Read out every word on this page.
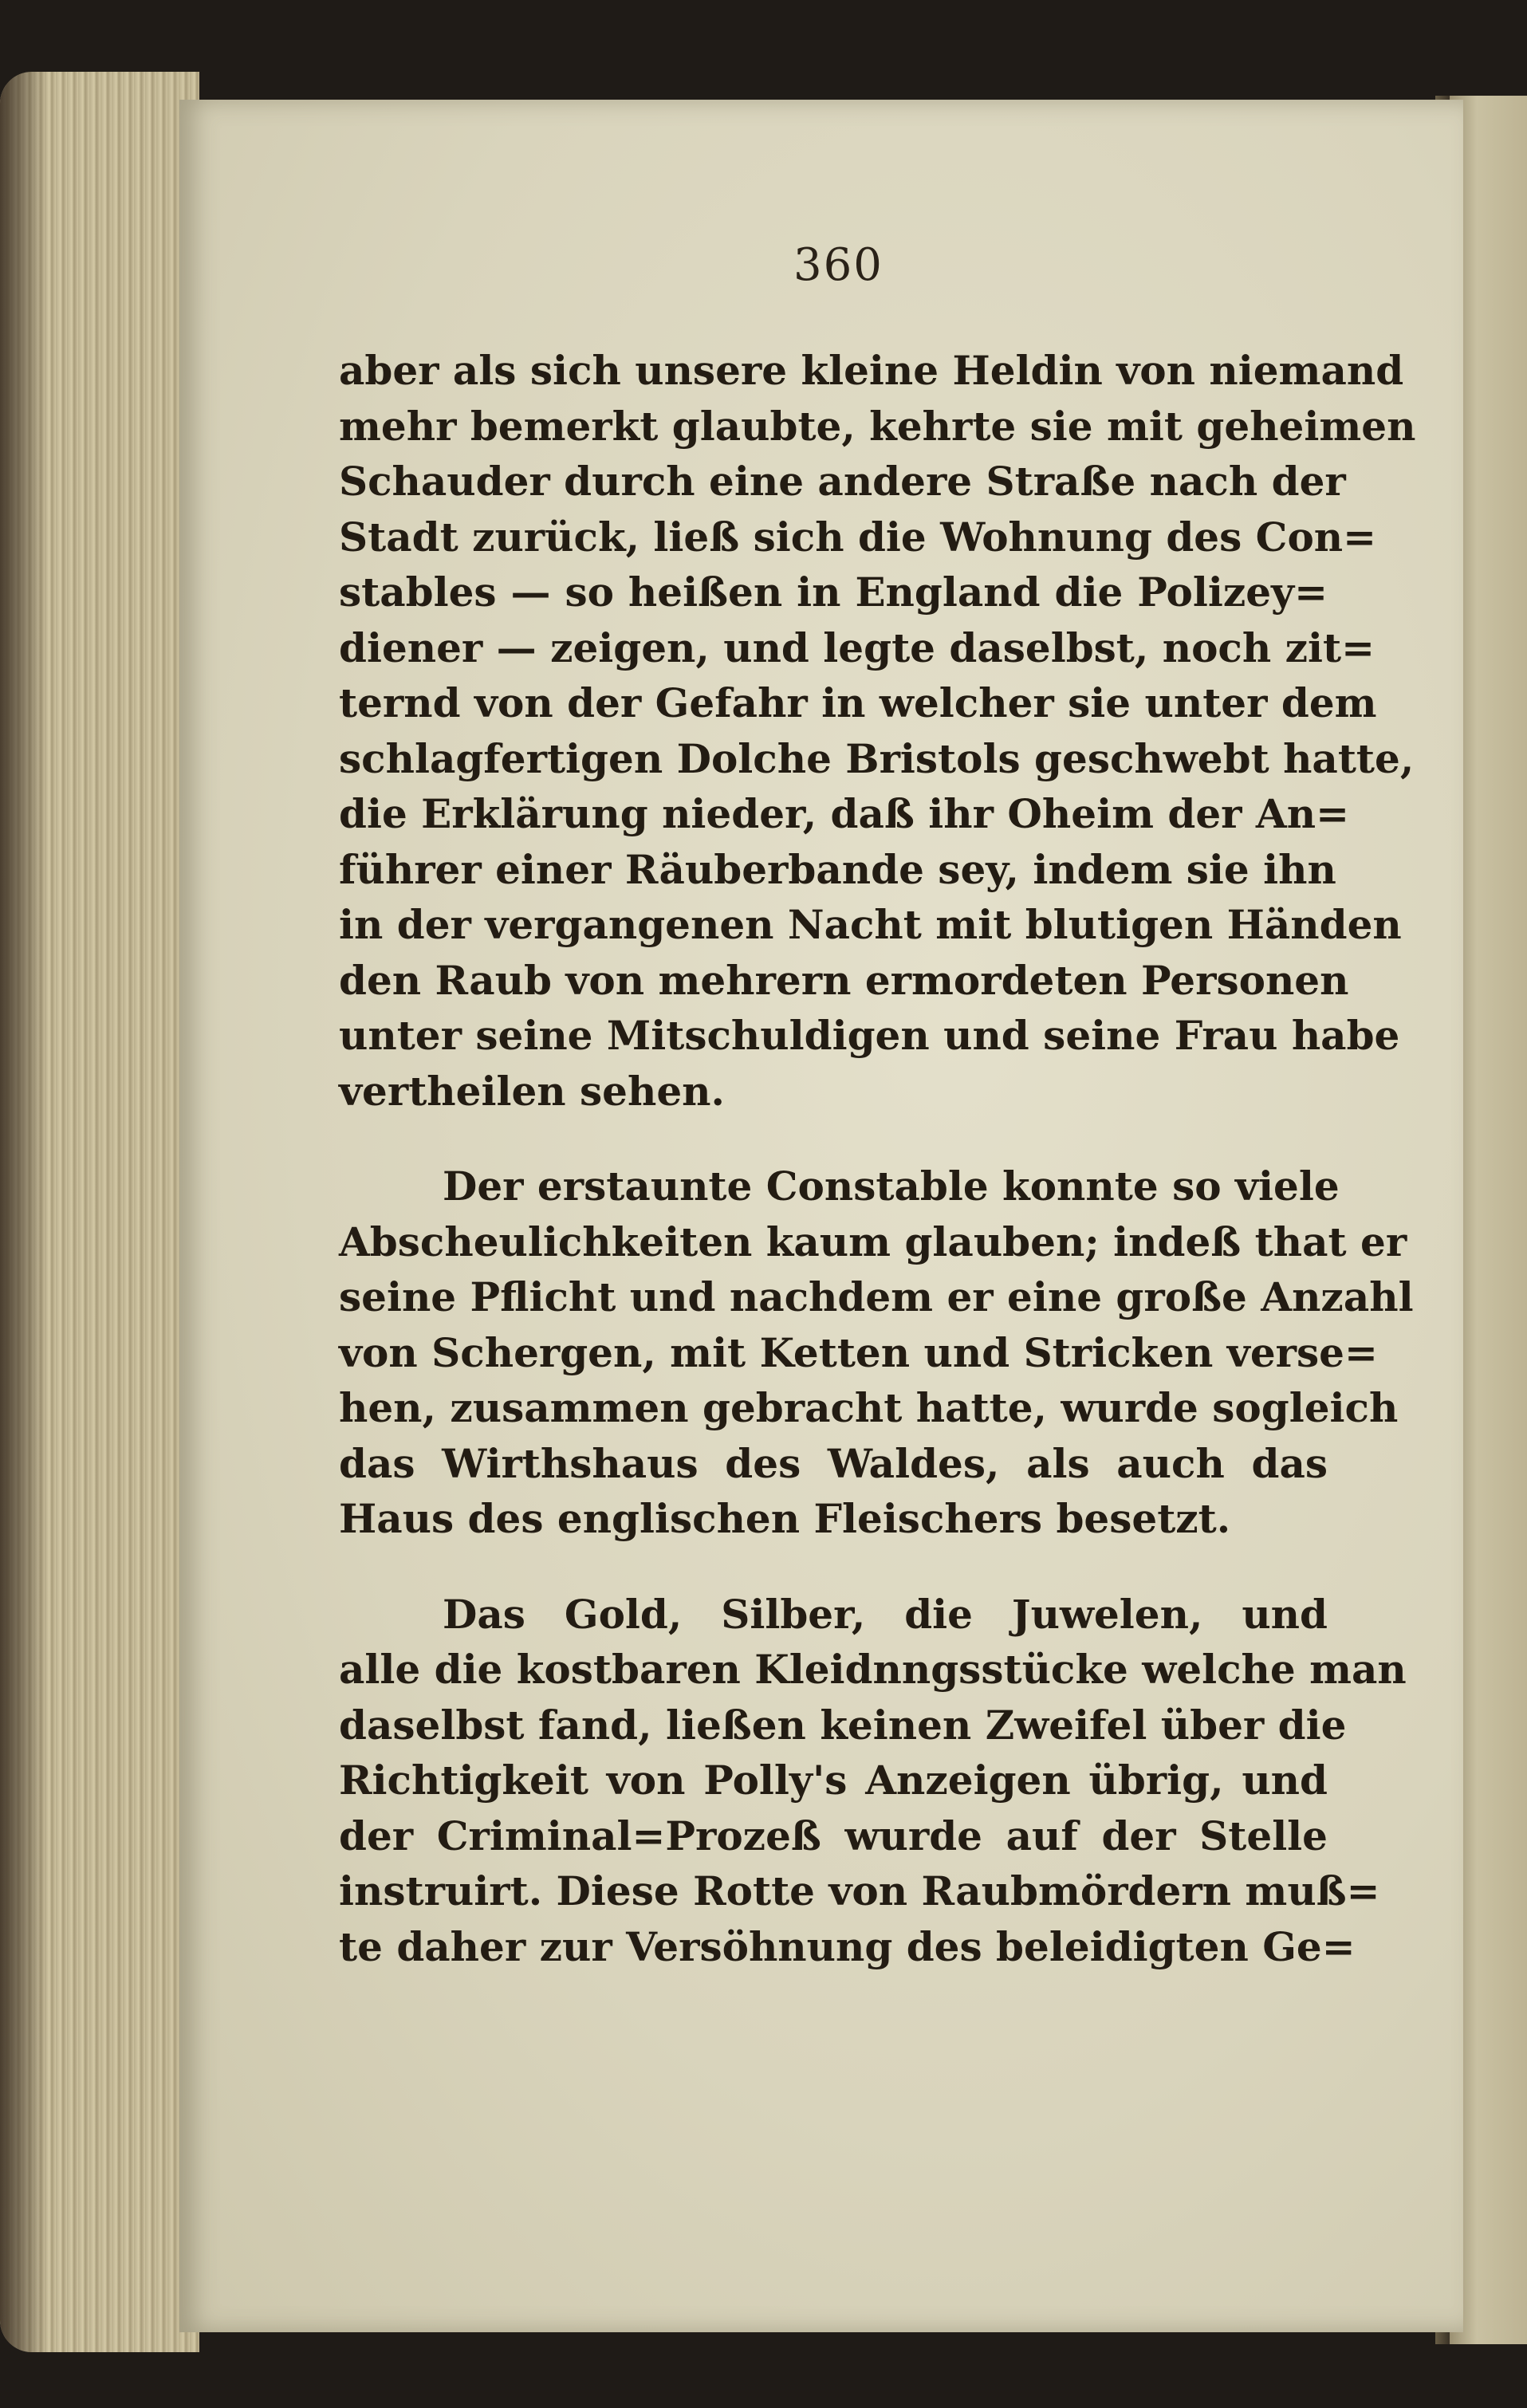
360
aber als sich unsere kleine Heldin von niemand
mehr bemerkt glaubte, kehrte sie mit geheimen
Schauder durch eine andere Straße nach der
Stadt zurück, ließ sich die Wohnung des Con=
stables — so heißen in England die Polizey=
diener — zeigen, und legte daselbst, noch zit=
ternd von der Gefahr in welcher sie unter dem
schlagfertigen Dolche Bristols geschwebt hatte,
die Erklärung nieder, daß ihr Oheim der An=
führer einer Räuberbande sey, indem sie ihn
in der vergangenen Nacht mit blutigen Händen
den Raub von mehrern ermordeten Personen
unter seine Mitschuldigen und seine Frau habe
vertheilen sehen.
Der erstaunte Constable konnte so viele
Abscheulichkeiten kaum glauben; indeß that er
seine Pflicht und nachdem er eine große Anzahl
von Schergen, mit Ketten und Stricken verse=
hen, zusammen gebracht hatte, wurde sogleich
das Wirthshaus des Waldes, als auch das
Haus des englischen Fleischers besetzt.
Das Gold, Silber, die Juwelen, und
alle die kostbaren Kleidnngsstücke welche man
daselbst fand, ließen keinen Zweifel über die
Richtigkeit von Polly's Anzeigen übrig, und
der Criminal=Prozeß wurde auf der Stelle
instruirt. Diese Rotte von Raubmördern muß=
te daher zur Versöhnung des beleidigten Ge=
